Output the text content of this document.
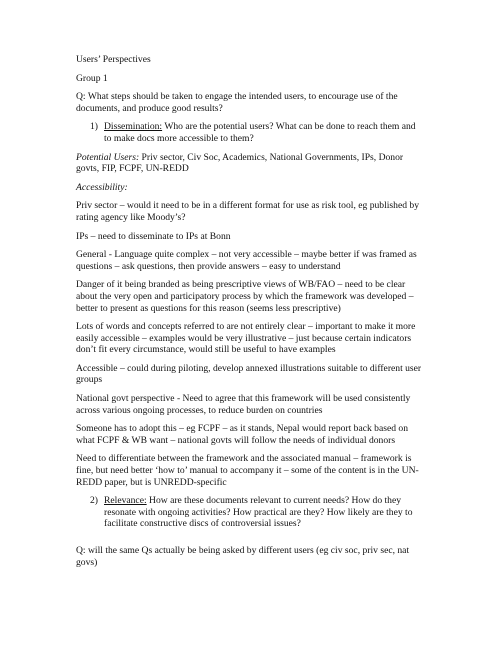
Users’ Perspectives

Group 1

Q: What steps should be taken to engage the intended users, to encourage use of the documents, and produce good results?

1) Dissemination: Who are the potential users? What can be done to reach them and to make docs more accessible to them?

Potential Users: Priv sector, Civ Soc, Academics, National Governments, IPs, Donor govts, FIP, FCPF, UN-REDD

Accessibility:

Priv sector – would it need to be in a different format for use as risk tool, eg published by rating agency like Moody’s?

IPs – need to disseminate to IPs at Bonn

General - Language quite complex – not very accessible – maybe better if was framed as questions – ask questions, then provide answers – easy to understand

Danger of it being branded as being prescriptive views of WB/FAO – need to be clear about the very open and participatory process by which the framework was developed – better to present as questions for this reason (seems less prescriptive)

Lots of words and concepts referred to are not entirely clear – important to make it more easily accessible – examples would be very illustrative – just because certain indicators don’t fit every circumstance, would still be useful to have examples

Accessible – could during piloting, develop annexed illustrations suitable to different user groups

National govt perspective - Need to agree that this framework will be used consistently across various ongoing processes, to reduce burden on countries

Someone has to adopt this – eg FCPF – as it stands, Nepal would report back based on what FCPF & WB want – national govts will follow the needs of individual donors

Need to differentiate between the framework and the associated manual – framework is fine, but need better ‘how to’ manual to accompany it – some of the content is in the UN-REDD paper, but is UNREDD-specific

2) Relevance: How are these documents relevant to current needs? How do they resonate with ongoing activities? How practical are they? How likely are they to facilitate constructive discs of controversial issues?

Q: will the same Qs actually be being asked by different users (eg civ soc, priv sec, nat govs)
